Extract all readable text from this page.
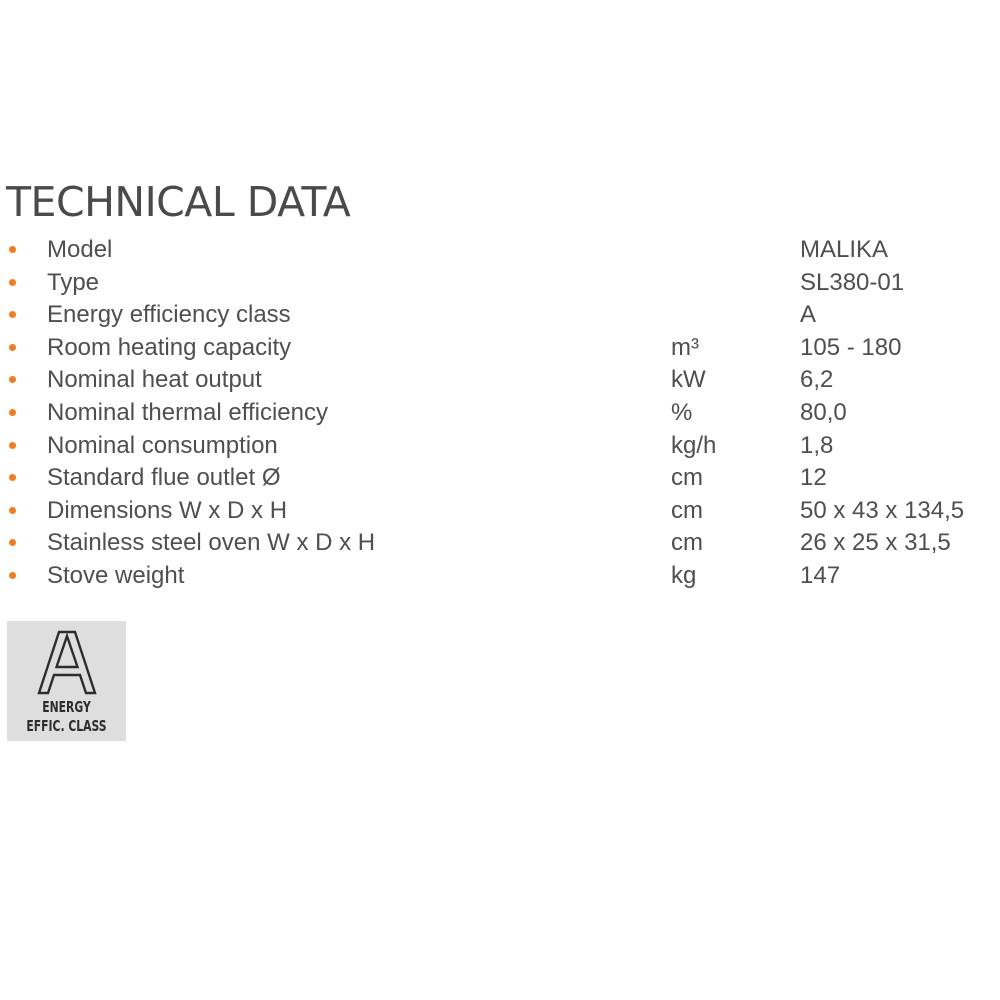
TECHNICAL DATA
Model	MALIKA
Type	SL380-01
Energy efficiency class	A
Room heating capacity	m³	105 - 180
Nominal heat output	kW	6,2
Nominal thermal efficiency	%	80,0
Nominal consumption	kg/h	1,8
Standard flue outlet Ø	cm	12
Dimensions W x D x H	cm	50 x 43 x 134,5
Stainless steel oven W x D x H	cm	26 x 25 x 31,5
Stove weight	kg	147
ENERGY
EFFIC. CLASS
